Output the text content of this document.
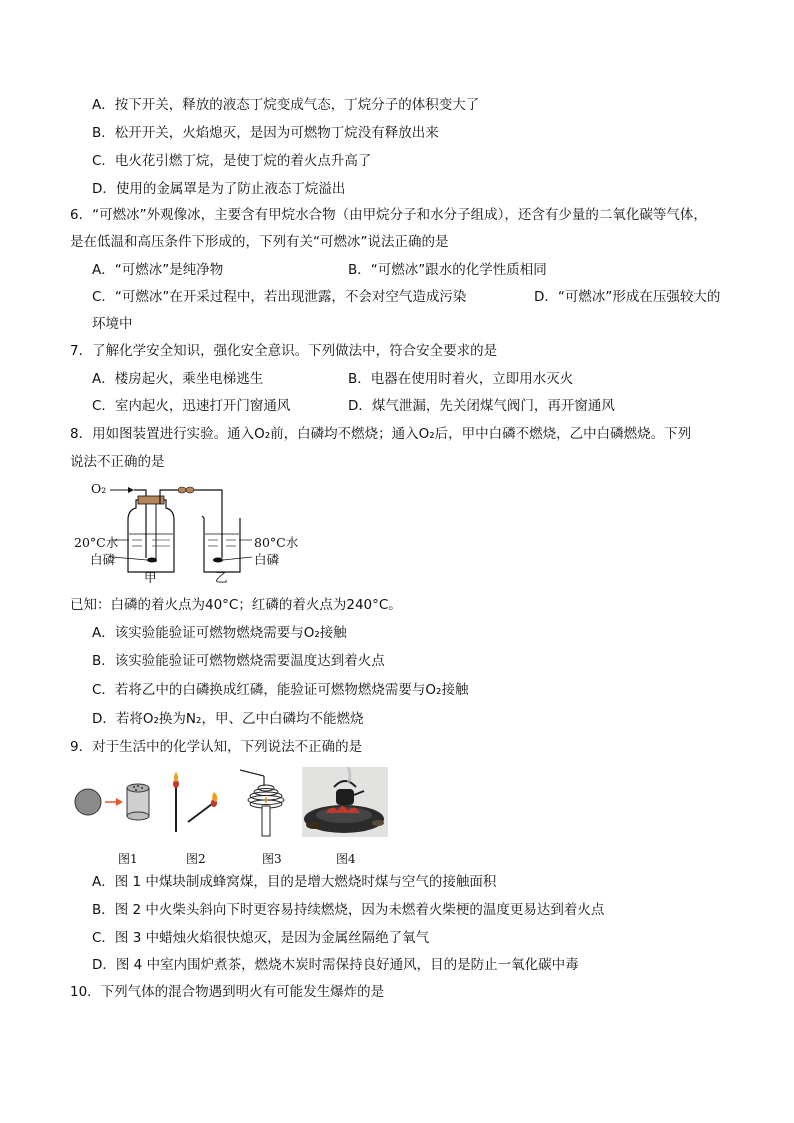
A．按下开关，释放的液态丁烷变成气态，丁烷分子的体积变大了
B．松开开关，火焰熄灭，是因为可燃物丁烷没有释放出来
C．电火花引燃丁烷，是使丁烷的着火点升高了
D．使用的金属罩是为了防止液态丁烷溢出
6．“可燃冰”外观像冰，主要含有甲烷水合物（由甲烷分子和水分子组成），还含有少量的二氧化碳等气体，
是在低温和高压条件下形成的，下列有关“可燃冰”说法正确的是
A．“可燃冰”是纯净物	B．“可燃冰”跟水的化学性质相同
C．“可燃冰”在开采过程中，若出现泄露，不会对空气造成污染	D．“可燃冰”形成在压强较大的
环境中
7．了解化学安全知识，强化安全意识。下列做法中，符合安全要求的是
A．楼房起火，乘坐电梯逃生	B．电器在使用时着火，立即用水灭火
C．室内起火，迅速打开门窗通风	D．煤气泄漏，先关闭煤气阀门，再开窗通风
8．用如图装置进行实验。通入O₂前，白磷均不燃烧；通入O₂后，甲中白磷不燃烧，乙中白磷燃烧。下列
说法不正确的是
O₂
20°C水
白磷
80°C水
白磷
甲	乙
已知：白磷的着火点为40°C；红磷的着火点为240°C。
A．该实验能验证可燃物燃烧需要与O₂接触
B．该实验能验证可燃物燃烧需要温度达到着火点
C．若将乙中的白磷换成红磷，能验证可燃物燃烧需要与O₂接触
D．若将O₂换为N₂，甲、乙中白磷均不能燃烧
9．对于生活中的化学认知，下列说法不正确的是
图1	图2	图3	图4
A．图 1 中煤块制成蜂窝煤，目的是增大燃烧时煤与空气的接触面积
B．图 2 中火柴头斜向下时更容易持续燃烧，因为未燃着火柴梗的温度更易达到着火点
C．图 3 中蜡烛火焰很快熄灭，是因为金属丝隔绝了氧气
D．图 4 中室内围炉煮茶，燃烧木炭时需保持良好通风，目的是防止一氧化碳中毒
10．下列气体的混合物遇到明火有可能发生爆炸的是
